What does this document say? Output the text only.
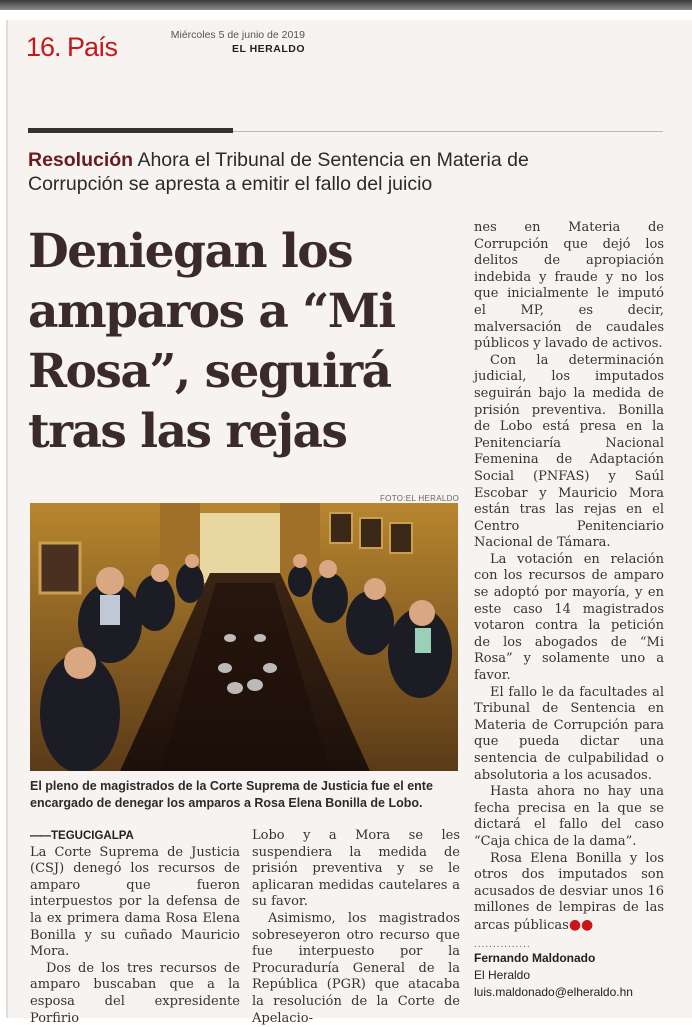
16. País	Miércoles 5 de junio de 2019
EL HERALDO
Resolución Ahora el Tribunal de Sentencia en Materia de Corrupción se apresta a emitir el fallo del juicio
Deniegan los amparos a “Mi Rosa”, seguirá tras las rejas
FOTO:EL HERALDO
El pleno de magistrados de la Corte Suprema de Justicia fue el ente encargado de denegar los amparos a Rosa Elena Bonilla de Lobo.
—— TEGUCIGALPA

La Corte Suprema de Justicia (CSJ) denegó los recursos de amparo que fueron interpuestos por la defensa de la ex primera dama Rosa Elena Bonilla y su cuñado Mauricio Mora.

Dos de los tres recursos de amparo buscaban que a la esposa del expresidente Porfirio

Lobo y a Mora se les suspendiera la medida de prisión preventiva y se le aplicaran medidas cautelares a su favor.

Asimismo, los magistrados sobreseyeron otro recurso que fue interpuesto por la Procuraduría General de la República (PGR) que atacaba la resolución de la Corte de Apelacio-

nes en Materia de Corrupción que dejó los delitos de apropiación indebida y fraude y no los que inicialmente le imputó el MP, es decir, malversación de caudales públicos y lavado de activos.

Con la determinación judicial, los imputados seguirán bajo la medida de prisión preventiva. Bonilla de Lobo está presa en la Penitenciaría Nacional Femenina de Adaptación Social (PNFAS) y Saúl Escobar y Mauricio Mora están tras las rejas en el Centro Penitenciario Nacional de Támara.

La votación en relación con los recursos de amparo se adoptó por mayoría, y en este caso 14 magistrados votaron contra la petición de los abogados de “Mi Rosa” y solamente uno a favor.

El fallo le da facultades al Tribunal de Sentencia en Materia de Corrupción para que pueda dictar una sentencia de culpabilidad o absolutoria a los acusados.

Hasta ahora no hay una fecha precisa en la que se dictará el fallo del caso “Caja chica de la dama”.

Rosa Elena Bonilla y los otros dos imputados son acusados de desviar unos 16 millones de lempiras de las arcas públicas●●

...............
Fernando Maldonado
El Heraldo
luis.maldonado@elheraldo.hn
